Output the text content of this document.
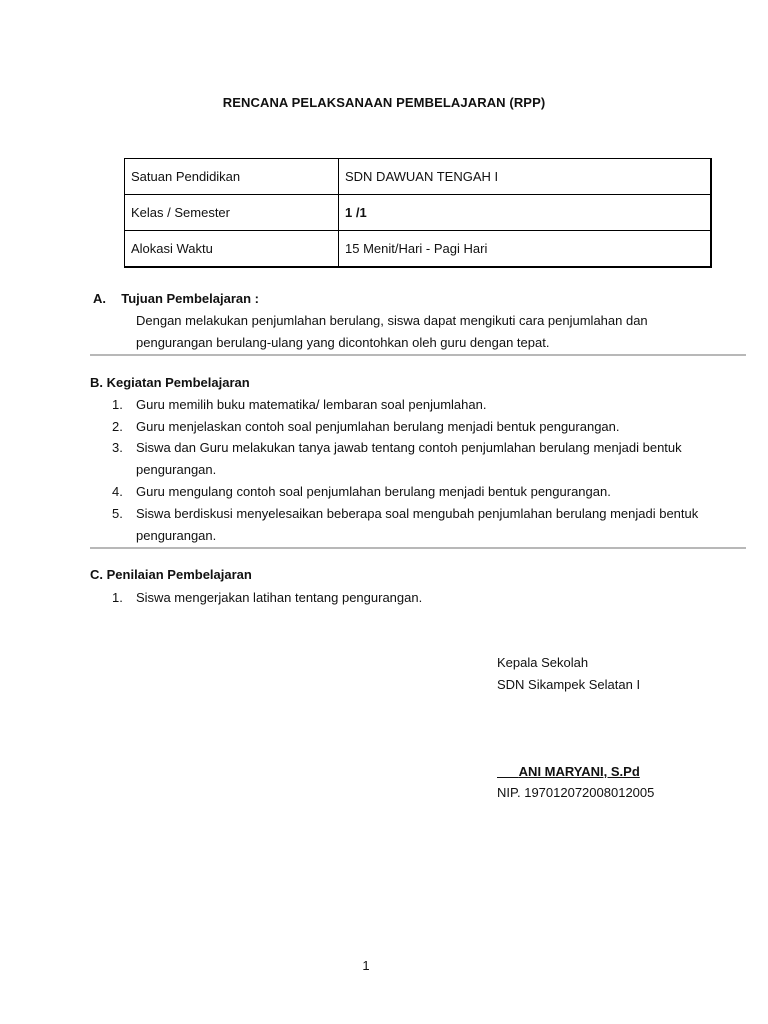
RENCANA PELAKSANAAN PEMBELAJARAN (RPP)
Satuan Pendidikan	SDN DAWUAN TENGAH I
Kelas / Semester	1 /1
Alokasi Waktu	15 Menit/Hari - Pagi Hari
A. Tujuan Pembelajaran :
Dengan melakukan penjumlahan berulang, siswa dapat mengikuti cara penjumlahan dan
pengurangan berulang-ulang yang dicontohkan oleh guru dengan tepat.
B. Kegiatan Pembelajaran
1. Guru memilih buku matematika/ lembaran soal penjumlahan.
2. Guru menjelaskan contoh soal penjumlahan berulang menjadi bentuk pengurangan.
3. Siswa dan Guru melakukan tanya jawab tentang contoh penjumlahan berulang menjadi bentuk
pengurangan.
4. Guru mengulang contoh soal penjumlahan berulang menjadi bentuk pengurangan.
5. Siswa berdiskusi menyelesaikan beberapa soal mengubah penjumlahan berulang menjadi bentuk
pengurangan.
C. Penilaian Pembelajaran
1. Siswa mengerjakan latihan tentang pengurangan.
Kepala Sekolah
SDN Sikampek Selatan I
ANI MARYANI, S.Pd
NIP. 197012072008012005
1
